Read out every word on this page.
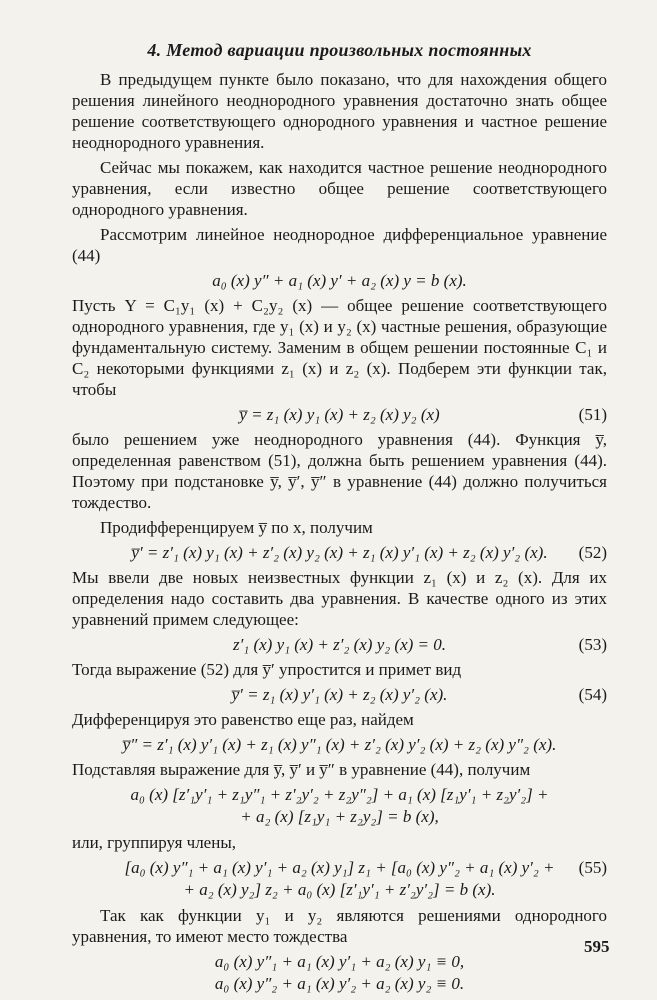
4. Метод вариации произвольных постоянных

В предыдущем пункте было показано, что для нахождения общего решения линейного неоднородного уравнения достаточно знать общее решение соответствующего однородного уравнения и частное решение неоднородного уравнения.

Сейчас мы покажем, как находится частное решение неоднородного уравнения, если известно общее решение соответствующего однородного уравнения.

Рассмотрим линейное неоднородное дифференциальное уравнение (44)

a₀ (x) y″ + a₁ (x) y′ + a₂ (x) y = b (x).

Пусть Y = C₁y₁ (x) + C₂y₂ (x) — общее решение соответствующего однородного уравнения, где y₁ (x) и y₂ (x) частные решения, образующие фундаментальную систему. Заменим в общем решении постоянные C₁ и C₂ некоторыми функциями z₁ (x) и z₂ (x). Подберем эти функции так, чтобы

y̅ = z₁ (x) y₁ (x) + z₂ (x) y₂ (x)	(51)

было решением уже неоднородного уравнения (44). Функция y̅, определенная равенством (51), должна быть решением уравнения (44). Поэтому при подстановке y̅, y̅′, y̅″ в уравнение (44) должно получиться тождество.

Продифференцируем y̅ по x, получим

y̅′ = z′₁ (x) y₁ (x) + z′₂ (x) y₂ (x) + z₁ (x) y′₁ (x) + z₂ (x) y′₂ (x).	(52)

Мы ввели две новых неизвестных функции z₁ (x) и z₂ (x). Для их определения надо составить два уравнения. В качестве одного из этих уравнений примем следующее:

z′₁ (x) y₁ (x) + z′₂ (x) y₂ (x) = 0.	(53)

Тогда выражение (52) для y̅′ упростится и примет вид

y̅′ = z₁ (x) y′₁ (x) + z₂ (x) y′₂ (x).	(54)

Дифференцируя это равенство еще раз, найдем

y̅″ = z′₁ (x) y′₁ (x) + z₁ (x) y″₁ (x) + z′₂ (x) y′₂ (x) + z₂ (x) y″₂ (x).

Подставляя выражение для y̅, y̅′ и y̅″ в уравнение (44), получим

a₀ (x) [z′₁y′₁ + z₁y″₁ + z′₂y′₂ + z₂y″₂] + a₁ (x) [z₁y′₁ + z₂y′₂] +
+ a₂ (x) [z₁y₁ + z₂y₂] = b (x),

или, группируя члены,

[a₀ (x) y″₁ + a₁ (x) y′₁ + a₂ (x) y₁] z₁ + [a₀ (x) y″₂ + a₁ (x) y′₂ +
+ a₂ (x) y₂] z₂ + a₀ (x) [z′₁y′₁ + z′₂y′₂] = b (x).
(55)

Так как функции y₁ и y₂ являются решениями однородного уравнения, то имеют место тождества

a₀ (x) y″₁ + a₁ (x) y′₁ + a₂ (x) y₁ ≡ 0,
a₀ (x) y″₂ + a₁ (x) y′₂ + a₂ (x) y₂ ≡ 0.
595
